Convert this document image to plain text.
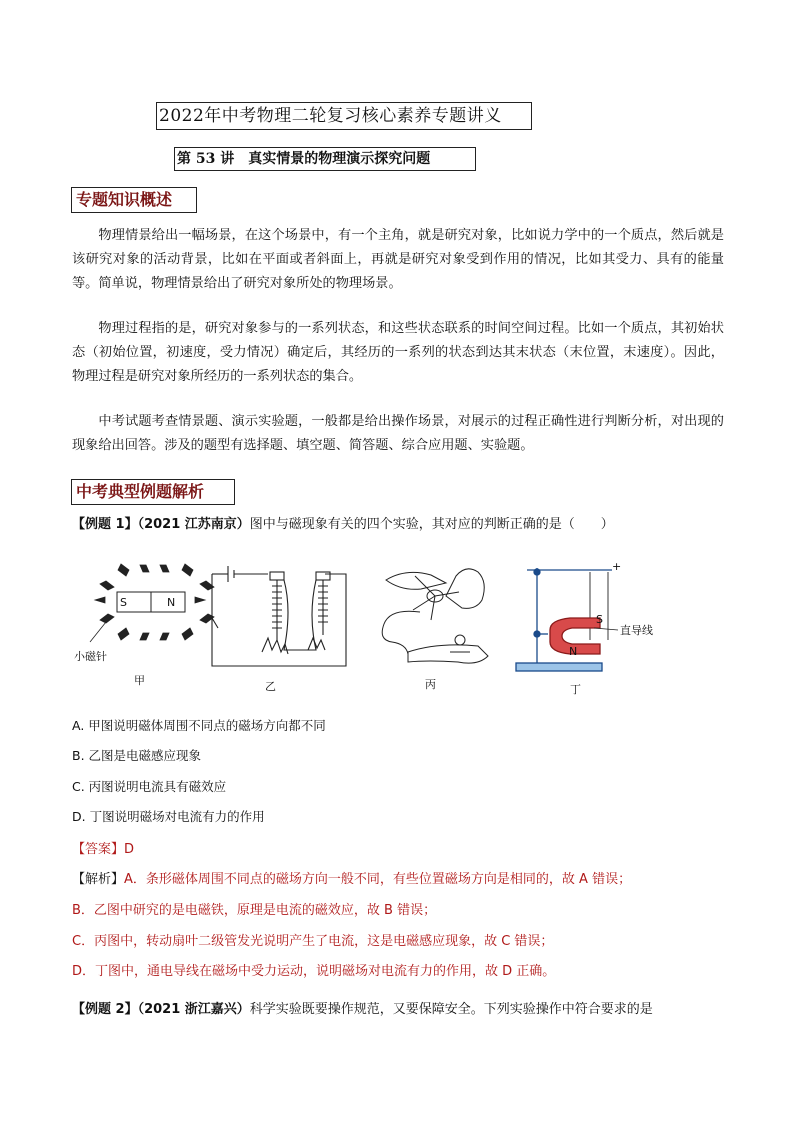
2022年中考物理二轮复习核心素养专题讲义
第 53 讲　真实情景的物理演示探究问题
专题知识概述

物理情景给出一幅场景，在这个场景中，有一个主角，就是研究对象，比如说力学中的一个质点，然后就是该研究对象的活动背景，比如在平面或者斜面上，再就是研究对象受到作用的情况，比如其受力、具有的能量等。简单说，物理情景给出了研究对象所处的物理场景。

物理过程指的是，研究对象参与的一系列状态，和这些状态联系的时间空间过程。比如一个质点，其初始状态（初始位置，初速度，受力情况）确定后，其经历的一系列的状态到达其末状态（末位置，末速度）。因此，物理过程是研究对象所经历的一系列状态的集合。

中考试题考查情景题、演示实验题，一般都是给出操作场景，对展示的过程正确性进行判断分析，对出现的现象给出回答。涉及的题型有选择题、填空题、简答题、综合应用题、实验题。

中考典型例题解析
【例题 1】（2021 江苏南京）图中与磁现象有关的四个实验，其对应的判断正确的是（　　）
S	N
小磁针
甲	乙	丙	丁
+
S
N
直导线
A. 甲图说明磁体周围不同点的磁场方向都不同
B. 乙图是电磁感应现象
C. 丙图说明电流具有磁效应
D. 丁图说明磁场对电流有力的作用
【答案】D
【解析】A．条形磁体周围不同点的磁场方向一般不同，有些位置磁场方向是相同的，故 A 错误；
B．乙图中研究的是电磁铁，原理是电流的磁效应，故 B 错误；
C．丙图中，转动扇叶二级管发光说明产生了电流，这是电磁感应现象，故 C 错误；
D．丁图中，通电导线在磁场中受力运动，说明磁场对电流有力的作用，故 D 正确。
【例题 2】（2021 浙江嘉兴）科学实验既要操作规范，又要保障安全。下列实验操作中符合要求的是
